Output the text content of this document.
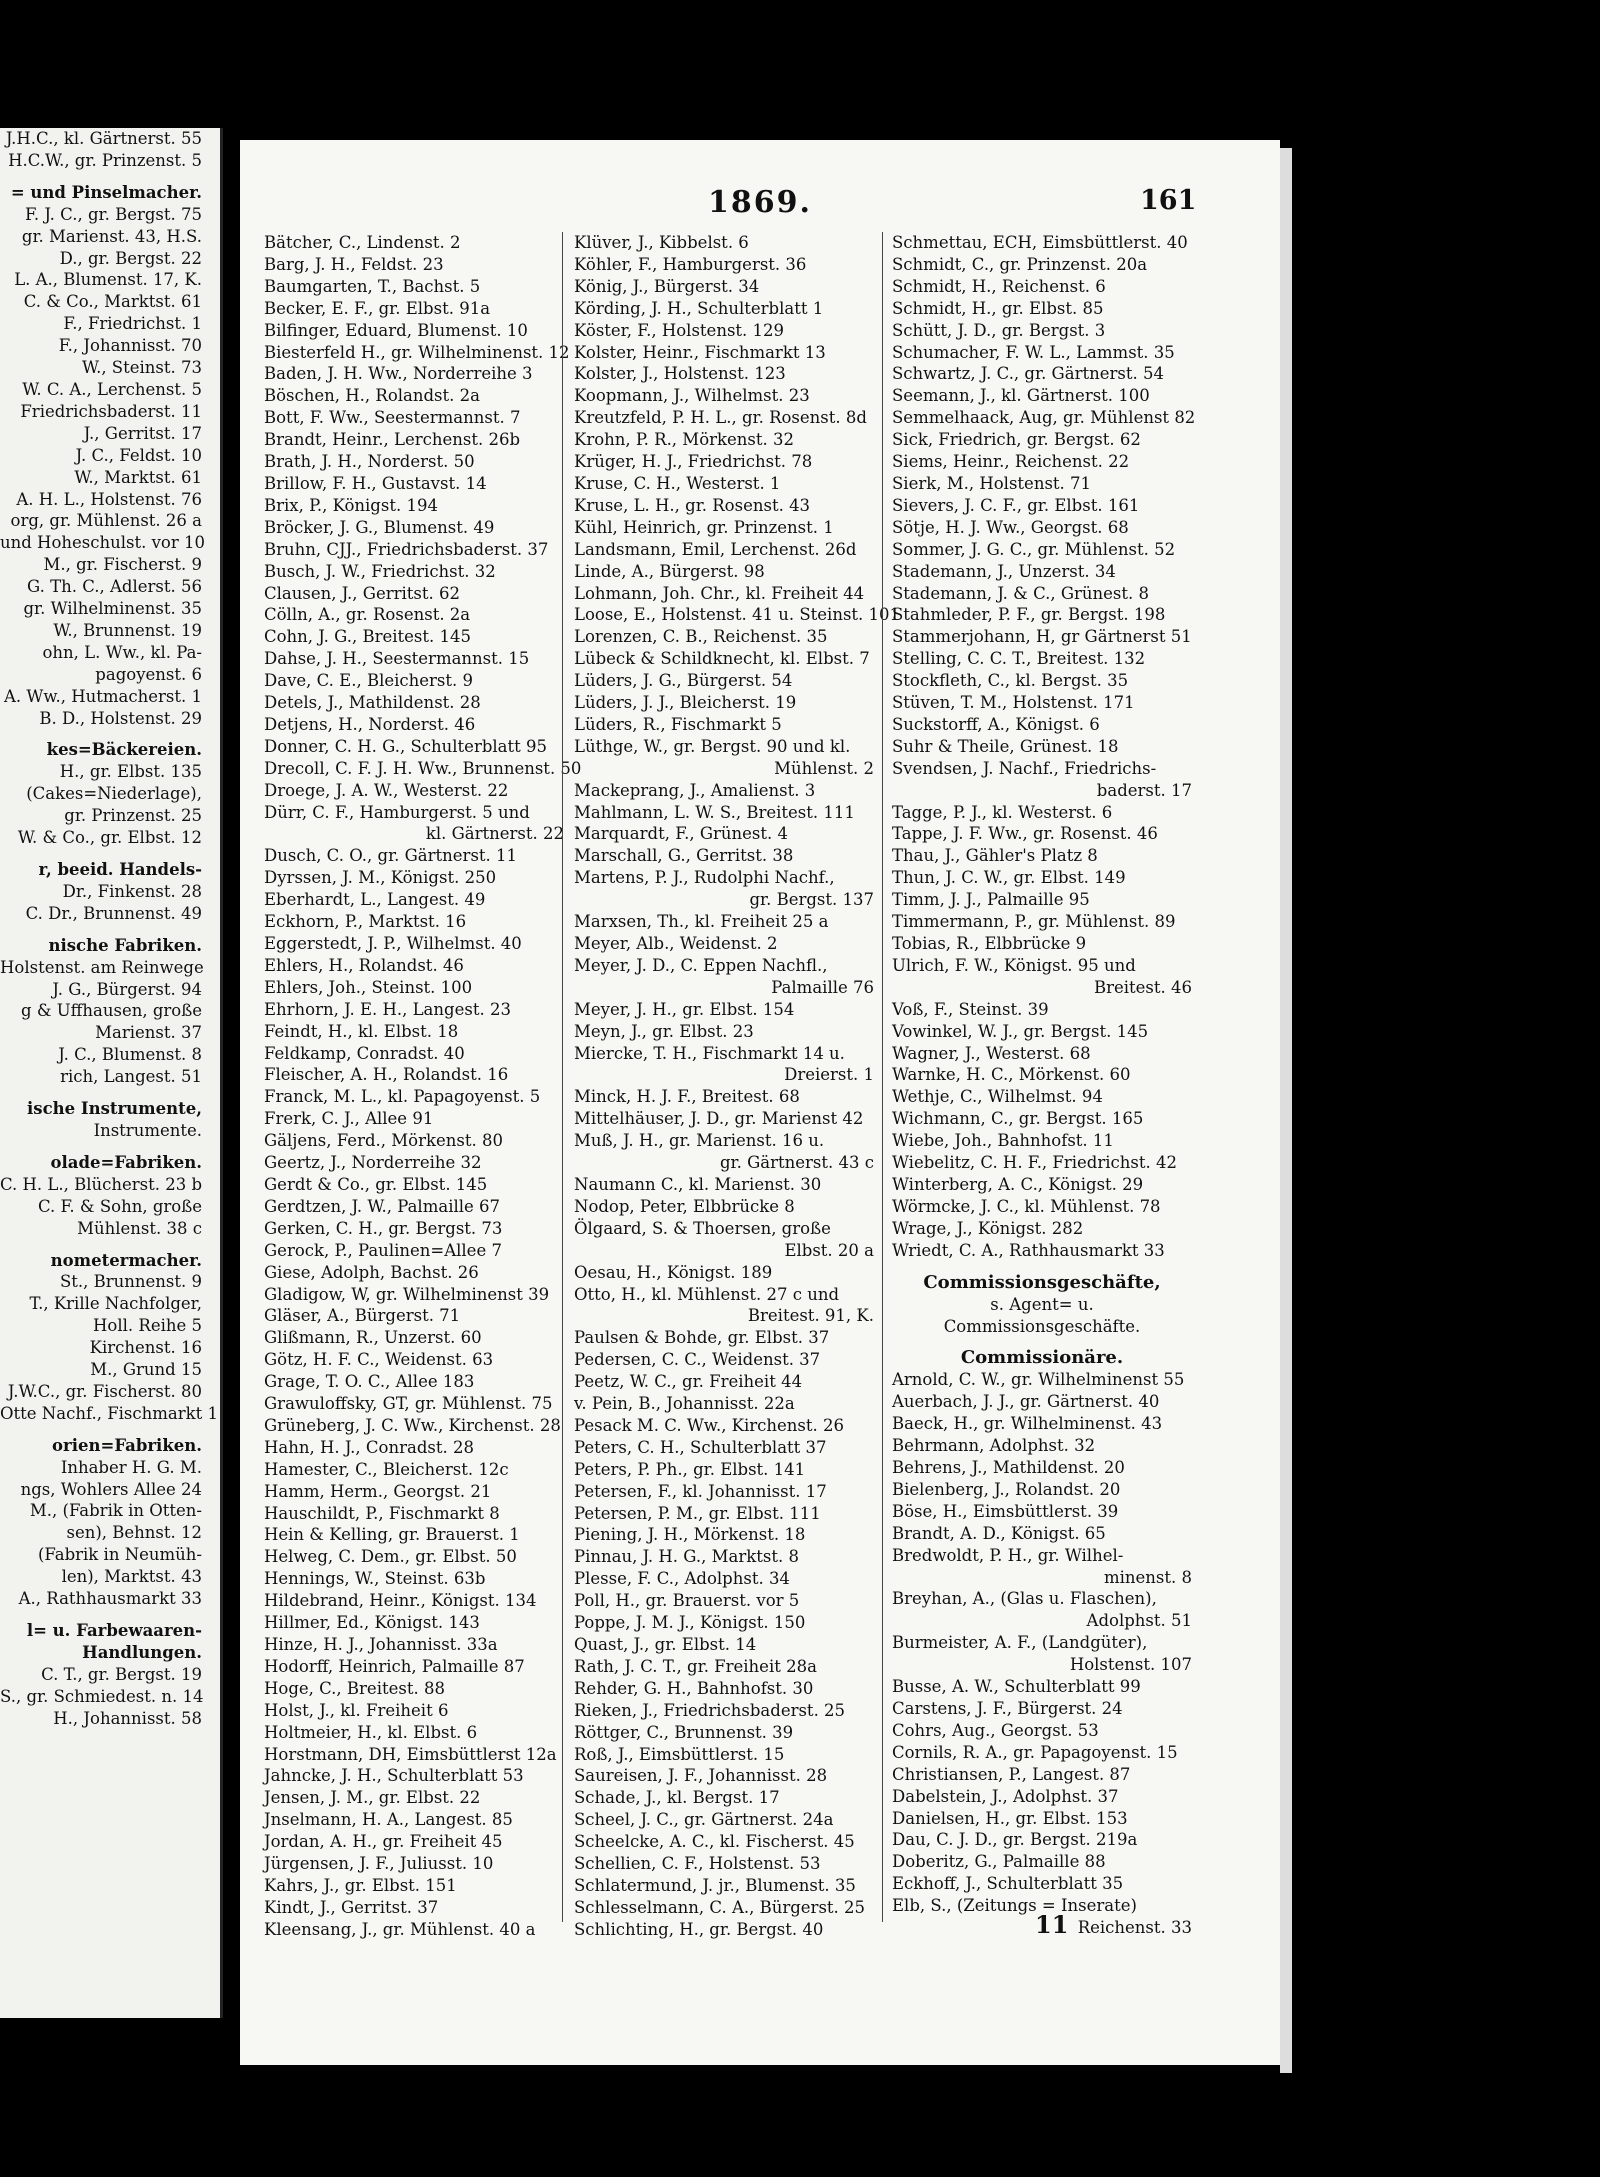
J.H.C., kl. Gärtnerst. 55
H.C.W., gr. Prinzenst. 5
= und Pinselmacher.
F. J. C., gr. Bergst. 75
gr. Marienst. 43, H.S.
D., gr. Bergst. 22
L. A., Blumenst. 17, K.
C. & Co., Marktst. 61
F., Friedrichst. 1
F., Johannisst. 70
W., Steinst. 73
W. C. A., Lerchenst. 5
Friedrichsbaderst. 11
J., Gerritst. 17
J. C., Feldst. 10
W., Marktst. 61
A. H. L., Holstenst. 76
org, gr. Mühlenst. 26 a
und Hoheschulst. vor 10
M., gr. Fischerst. 9
G. Th. C., Adlerst. 56
gr. Wilhelminenst. 35
W., Brunnenst. 19
ohn, L. Ww., kl. Pa-
pagoyenst. 6
A. Ww., Hutmacherst. 1
B. D., Holstenst. 29
kes=Bäckereien.
H., gr. Elbst. 135
(Cakes=Niederlage),
gr. Prinzenst. 25
W. & Co., gr. Elbst. 12
r, beeid. Handels-
Dr., Finkenst. 28
C. Dr., Brunnenst. 49
nische Fabriken.
Holstenst. am Reinwege
J. G., Bürgerst. 94
g & Uffhausen, große
Marienst. 37
J. C., Blumenst. 8
rich, Langest. 51
ische Instrumente,
Instrumente.
olade=Fabriken.
C. H. L., Blücherst. 23 b
C. F. & Sohn, große
Mühlenst. 38 c
nometermacher.
St., Brunnenst. 9
T., Krille Nachfolger,
Holl. Reihe 5
Kirchenst. 16
M., Grund 15
J.W.C., gr. Fischerst. 80
Otte Nachf., Fischmarkt 1
orien=Fabriken.
Inhaber H. G. M.
ngs, Wohlers Allee 24
M., (Fabrik in Otten-
sen), Behnst. 12
(Fabrik in Neumüh-
len), Marktst. 43
A., Rathhausmarkt 33
l= u. Farbewaaren-
Handlungen.
C. T., gr. Bergst. 19
S., gr. Schmiedest. n. 14
H., Johannisst. 58
1869.	161
Bätcher, C., Lindenst. 2
Barg, J. H., Feldst. 23
Baumgarten, T., Bachst. 5
Becker, E. F., gr. Elbst. 91a
Bilfinger, Eduard, Blumenst. 10
Biesterfeld H., gr. Wilhelminenst. 12
Baden, J. H. Ww., Norderreihe 3
Böschen, H., Rolandst. 2a
Bott, F. Ww., Seestermannst. 7
Brandt, Heinr., Lerchenst. 26b
Brath, J. H., Norderst. 50
Brillow, F. H., Gustavst. 14
Brix, P., Königst. 194
Bröcker, J. G., Blumenst. 49
Bruhn, CJJ., Friedrichsbaderst. 37
Busch, J. W., Friedrichst. 32
Clausen, J., Gerritst. 62
Cölln, A., gr. Rosenst. 2a
Cohn, J. G., Breitest. 145
Dahse, J. H., Seestermannst. 15
Dave, C. E., Bleicherst. 9
Detels, J., Mathildenst. 28
Detjens, H., Norderst. 46
Donner, C. H. G., Schulterblatt 95
Drecoll, C. F. J. H. Ww., Brunnenst. 50
Droege, J. A. W., Westerst. 22
Dürr, C. F., Hamburgerst. 5 und
kl. Gärtnerst. 22
Dusch, C. O., gr. Gärtnerst. 11
Dyrssen, J. M., Königst. 250
Eberhardt, L., Langest. 49
Eckhorn, P., Marktst. 16
Eggerstedt, J. P., Wilhelmst. 40
Ehlers, H., Rolandst. 46
Ehlers, Joh., Steinst. 100
Ehrhorn, J. E. H., Langest. 23
Feindt, H., kl. Elbst. 18
Feldkamp, Conradst. 40
Fleischer, A. H., Rolandst. 16
Franck, M. L., kl. Papagoyenst. 5
Frerk, C. J., Allee 91
Gäljens, Ferd., Mörkenst. 80
Geertz, J., Norderreihe 32
Gerdt & Co., gr. Elbst. 145
Gerdtzen, J. W., Palmaille 67
Gerken, C. H., gr. Bergst. 73
Gerock, P., Paulinen=Allee 7
Giese, Adolph, Bachst. 26
Gladigow, W, gr. Wilhelminenst 39
Gläser, A., Bürgerst. 71
Glißmann, R., Unzerst. 60
Götz, H. F. C., Weidenst. 63
Grage, T. O. C., Allee 183
Grawuloffsky, GT, gr. Mühlenst. 75
Grüneberg, J. C. Ww., Kirchenst. 28
Hahn, H. J., Conradst. 28
Hamester, C., Bleicherst. 12c
Hamm, Herm., Georgst. 21
Hauschildt, P., Fischmarkt 8
Hein & Kelling, gr. Brauerst. 1
Helweg, C. Dem., gr. Elbst. 50
Hennings, W., Steinst. 63b
Hildebrand, Heinr., Königst. 134
Hillmer, Ed., Königst. 143
Hinze, H. J., Johannisst. 33a
Hodorff, Heinrich, Palmaille 87
Hoge, C., Breitest. 88
Holst, J., kl. Freiheit 6
Holtmeier, H., kl. Elbst. 6
Horstmann, DH, Eimsbüttlerst 12a
Jahncke, J. H., Schulterblatt 53
Jensen, J. M., gr. Elbst. 22
Jnselmann, H. A., Langest. 85
Jordan, A. H., gr. Freiheit 45
Jürgensen, J. F., Juliusst. 10
Kahrs, J., gr. Elbst. 151
Kindt, J., Gerritst. 37
Kleensang, J., gr. Mühlenst. 40 a
Klüver, J., Kibbelst. 6
Köhler, F., Hamburgerst. 36
König, J., Bürgerst. 34
Körding, J. H., Schulterblatt 1
Köster, F., Holstenst. 129
Kolster, Heinr., Fischmarkt 13
Kolster, J., Holstenst. 123
Koopmann, J., Wilhelmst. 23
Kreutzfeld, P. H. L., gr. Rosenst. 8d
Krohn, P. R., Mörkenst. 32
Krüger, H. J., Friedrichst. 78
Kruse, C. H., Westerst. 1
Kruse, L. H., gr. Rosenst. 43
Kühl, Heinrich, gr. Prinzenst. 1
Landsmann, Emil, Lerchenst. 26d
Linde, A., Bürgerst. 98
Lohmann, Joh. Chr., kl. Freiheit 44
Loose, E., Holstenst. 41 u. Steinst. 101
Lorenzen, C. B., Reichenst. 35
Lübeck & Schildknecht, kl. Elbst. 7
Lüders, J. G., Bürgerst. 54
Lüders, J. J., Bleicherst. 19
Lüders, R., Fischmarkt 5
Lüthge, W., gr. Bergst. 90 und kl.
Mühlenst. 2
Mackeprang, J., Amalienst. 3
Mahlmann, L. W. S., Breitest. 111
Marquardt, F., Grünest. 4
Marschall, G., Gerritst. 38
Martens, P. J., Rudolphi Nachf.,
gr. Bergst. 137
Marxsen, Th., kl. Freiheit 25 a
Meyer, Alb., Weidenst. 2
Meyer, J. D., C. Eppen Nachfl.,
Palmaille 76
Meyer, J. H., gr. Elbst. 154
Meyn, J., gr. Elbst. 23
Miercke, T. H., Fischmarkt 14 u.
Dreierst. 1
Minck, H. J. F., Breitest. 68
Mittelhäuser, J. D., gr. Marienst 42
Muß, J. H., gr. Marienst. 16 u.
gr. Gärtnerst. 43 c
Naumann C., kl. Marienst. 30
Nodop, Peter, Elbbrücke 8
Ölgaard, S. & Thoersen, große
Elbst. 20 a
Oesau, H., Königst. 189
Otto, H., kl. Mühlenst. 27 c und
Breitest. 91, K.
Paulsen & Bohde, gr. Elbst. 37
Pedersen, C. C., Weidenst. 37
Peetz, W. C., gr. Freiheit 44
v. Pein, B., Johannisst. 22a
Pesack M. C. Ww., Kirchenst. 26
Peters, C. H., Schulterblatt 37
Peters, P. Ph., gr. Elbst. 141
Petersen, F., kl. Johannisst. 17
Petersen, P. M., gr. Elbst. 111
Piening, J. H., Mörkenst. 18
Pinnau, J. H. G., Marktst. 8
Plesse, F. C., Adolphst. 34
Poll, H., gr. Brauerst. vor 5
Poppe, J. M. J., Königst. 150
Quast, J., gr. Elbst. 14
Rath, J. C. T., gr. Freiheit 28a
Rehder, G. H., Bahnhofst. 30
Rieken, J., Friedrichsbaderst. 25
Röttger, C., Brunnenst. 39
Roß, J., Eimsbüttlerst. 15
Saureisen, J. F., Johannisst. 28
Schade, J., kl. Bergst. 17
Scheel, J. C., gr. Gärtnerst. 24a
Scheelcke, A. C., kl. Fischerst. 45
Schellien, C. F., Holstenst. 53
Schlatermund, J. jr., Blumenst. 35
Schlesselmann, C. A., Bürgerst. 25
Schlichting, H., gr. Bergst. 40
Schmettau, ECH, Eimsbüttlerst. 40
Schmidt, C., gr. Prinzenst. 20a
Schmidt, H., Reichenst. 6
Schmidt, H., gr. Elbst. 85
Schütt, J. D., gr. Bergst. 3
Schumacher, F. W. L., Lammst. 35
Schwartz, J. C., gr. Gärtnerst. 54
Seemann, J., kl. Gärtnerst. 100
Semmelhaack, Aug, gr. Mühlenst 82
Sick, Friedrich, gr. Bergst. 62
Siems, Heinr., Reichenst. 22
Sierk, M., Holstenst. 71
Sievers, J. C. F., gr. Elbst. 161
Sötje, H. J. Ww., Georgst. 68
Sommer, J. G. C., gr. Mühlenst. 52
Stademann, J., Unzerst. 34
Stademann, J. & C., Grünest. 8
Stahmleder, P. F., gr. Bergst. 198
Stammerjohann, H, gr Gärtnerst 51
Stelling, C. C. T., Breitest. 132
Stockfleth, C., kl. Bergst. 35
Stüven, T. M., Holstenst. 171
Suckstorff, A., Königst. 6
Suhr & Theile, Grünest. 18
Svendsen, J. Nachf., Friedrichs-
baderst. 17
Tagge, P. J., kl. Westerst. 6
Tappe, J. F. Ww., gr. Rosenst. 46
Thau, J., Gähler's Platz 8
Thun, J. C. W., gr. Elbst. 149
Timm, J. J., Palmaille 95
Timmermann, P., gr. Mühlenst. 89
Tobias, R., Elbbrücke 9
Ulrich, F. W., Königst. 95 und
Breitest. 46
Voß, F., Steinst. 39
Vowinkel, W. J., gr. Bergst. 145
Wagner, J., Westerst. 68
Warnke, H. C., Mörkenst. 60
Wethje, C., Wilhelmst. 94
Wichmann, C., gr. Bergst. 165
Wiebe, Joh., Bahnhofst. 11
Wiebelitz, C. H. F., Friedrichst. 42
Winterberg, A. C., Königst. 29
Wörmcke, J. C., kl. Mühlenst. 78
Wrage, J., Königst. 282
Wriedt, C. A., Rathhausmarkt 33
Commissionsgeschäfte,
s. Agent= u. Commissionsgeschäfte.
Commissionäre.
Arnold, C. W., gr. Wilhelminenst 55
Auerbach, J. J., gr. Gärtnerst. 40
Baeck, H., gr. Wilhelminenst. 43
Behrmann, Adolphst. 32
Behrens, J., Mathildenst. 20
Bielenberg, J., Rolandst. 20
Böse, H., Eimsbüttlerst. 39
Brandt, A. D., Königst. 65
Bredwoldt, P. H., gr. Wilhel-
minenst. 8
Breyhan, A., (Glas u. Flaschen),
Adolphst. 51
Burmeister, A. F., (Landgüter),
Holstenst. 107
Busse, A. W., Schulterblatt 99
Carstens, J. F., Bürgerst. 24
Cohrs, Aug., Georgst. 53
Cornils, R. A., gr. Papagoyenst. 15
Christiansen, P., Langest. 87
Dabelstein, J., Adolphst. 37
Danielsen, H., gr. Elbst. 153
Dau, C. J. D., gr. Bergst. 219a
Doberitz, G., Palmaille 88
Eckhoff, J., Schulterblatt 35
Elb, S., (Zeitungs = Inserate)
Reichenst. 33
11
